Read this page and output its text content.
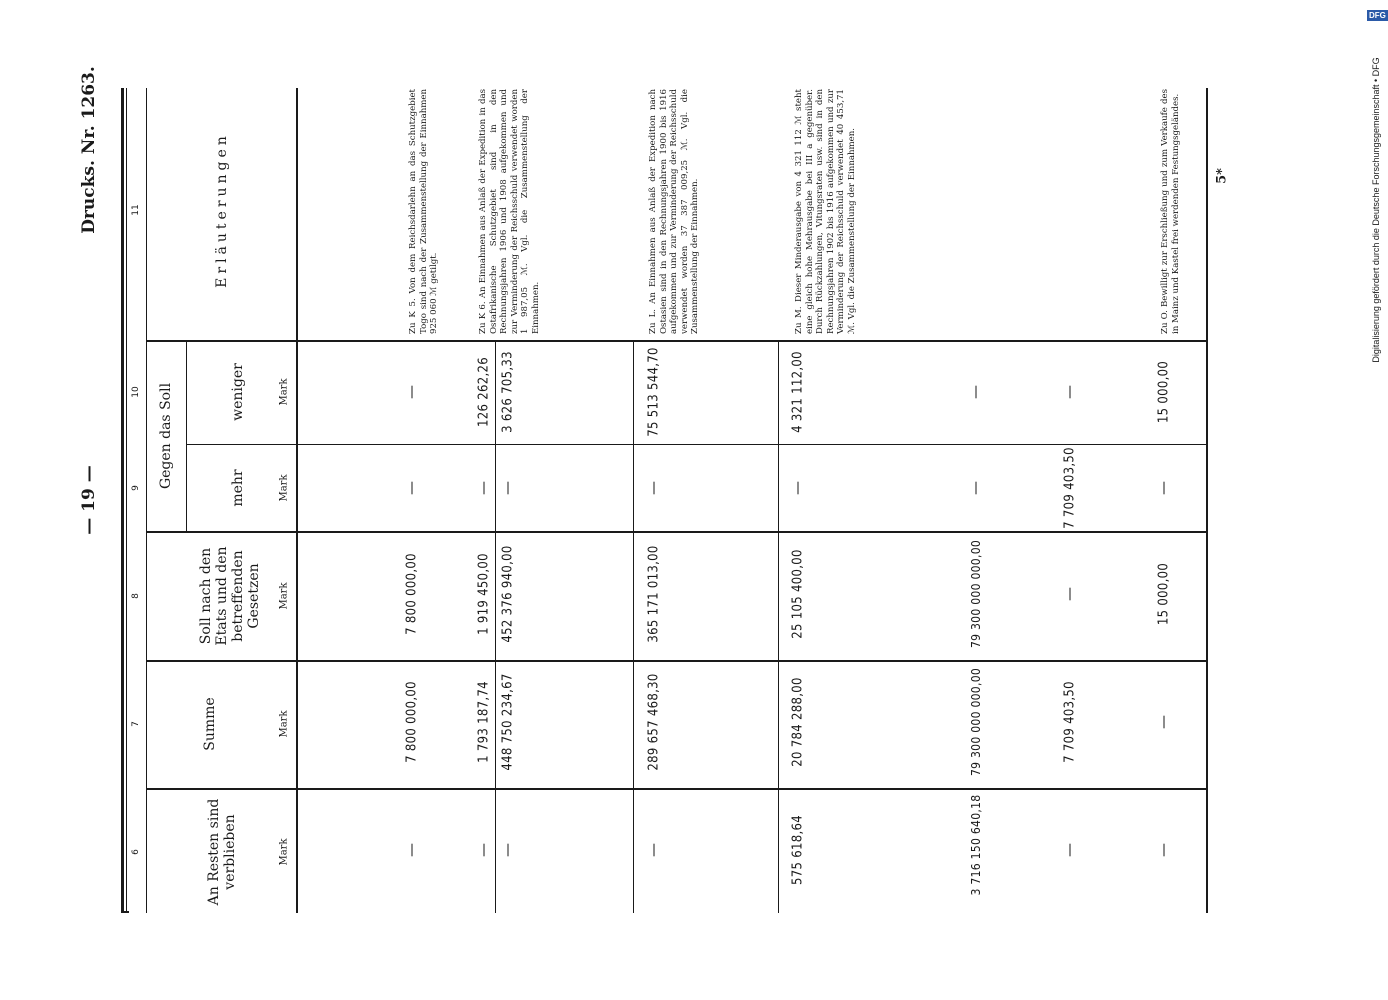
Drucks. Nr. 1263.
— 19 —
Digitalisierung gefördert durch die Deutsche Forschungsgemeinschaft • DFG
DFG
5*
6
7
8
9
10
11
An Resten sind verblieben
Summe
Soll nach den Etats und den betreffenden Gesetzen
Gegen das Soll	mehr
weniger
Erläuterungen
Mark
Mark
Mark
Mark
Mark
—
7 800 000,00
7 800 000,00
—
—
Zu K 5. Von dem Reichsdarlehn an das Schutzgebiet Togo sind nach der Zusammenstellung der Einnahmen 925 060 ℳ getilgt.
—
1 793 187,74
1 919 450,00
—
126 262,26
Zu K 6. An Einnahmen aus Anlaß der Expedition in das Ostafrikanische Schutzgebiet sind in den Rechnungsjahren 1906 und 1908 aufgekommen und zur Verminderung der Reichsschuld verwendet worden 1 987,05 ℳ. Vgl. die Zusammenstellung der Einnahmen.
—
448 750 234,67
452 376 940,00
—
3 626 705,33
—
289 657 468,30
365 171 013,00
—
75 513 544,70
Zu L. An Einnahmen aus Anlaß der Expedition nach Ostasien sind in den Rechnungsjahren 1900 bis 1916 aufgekommen und zur Verminderung der Reichsschuld verwendet worden 37 387 009,25 ℳ. Vgl. die Zusammenstellung der Einnahmen.
575 618,64
20 784 288,00
25 105 400,00
—
4 321 112,00
Zu M. Dieser Minderausgabe von 4 321 112 ℳ steht eine gleich hohe Mehrausgabe bei III a gegenüber. Durch Rückzahlungen, Vitungsraten usw. sind in den Rechnungsjahren 1902 bis 1916 aufgekommen und zur Verminderung der Reichsschuld verwendet 40 453,71 ℳ. Vgl. die Zusammenstellung der Einnahmen.
3 716 150 640,18
79 300 000 000,00
79 300 000 000,00
—
—
—
7 709 403,50
—
7 709 403,50
—
—
—
15 000,00
—
15 000,00
Zu O. Bewilligt zur Erschließung und zum Verkaufe des in Mainz und Kastel frei werdenden Festungsgeländes.
